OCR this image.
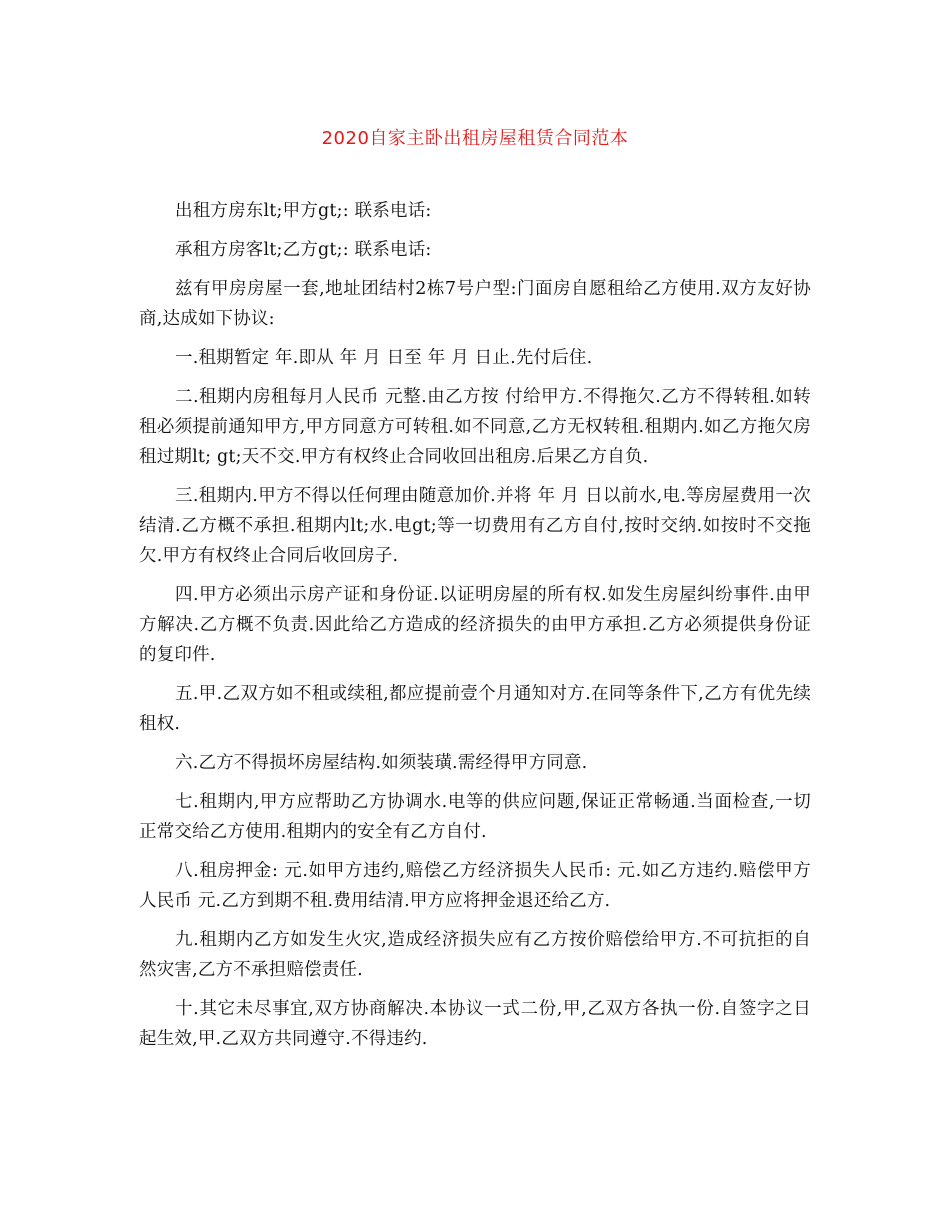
2020自家主卧出租房屋租赁合同范本

出租方房东lt;甲方gt;: 联系电话:

承租方房客lt;乙方gt;: 联系电话:

兹有甲房房屋一套,地址团结村2栋7号户型:门面房自愿租给乙方使用.双方友好协商,达成如下协议:

一.租期暂定 年.即从 年 月 日至 年 月 日止.先付后住.

二.租期内房租每月人民币 元整.由乙方按 付给甲方.不得拖欠.乙方不得转租.如转租必须提前通知甲方,甲方同意方可转租.如不同意,乙方无权转租.租期内.如乙方拖欠房租过期lt; gt;天不交.甲方有权终止合同收回出租房.后果乙方自负.

三.租期内.甲方不得以任何理由随意加价.并将 年 月 日以前水,电.等房屋费用一次结清.乙方概不承担.租期内lt;水.电gt;等一切费用有乙方自付,按时交纳.如按时不交拖欠.甲方有权终止合同后收回房子.

四.甲方必须出示房产证和身份证.以证明房屋的所有权.如发生房屋纠纷事件.由甲方解决.乙方概不负责.因此给乙方造成的经济损失的由甲方承担.乙方必须提供身份证的复印件.

五.甲.乙双方如不租或续租,都应提前壹个月通知对方.在同等条件下,乙方有优先续租权.

六.乙方不得损坏房屋结构.如须装璜.需经得甲方同意.

七.租期内,甲方应帮助乙方协调水.电等的供应问题,保证正常畅通.当面检查,一切正常交给乙方使用.租期内的安全有乙方自付.

八.租房押金: 元.如甲方违约,赔偿乙方经济损失人民币: 元.如乙方违约.赔偿甲方人民币 元.乙方到期不租.费用结清.甲方应将押金退还给乙方.

九.租期内乙方如发生火灾,造成经济损失应有乙方按价赔偿给甲方.不可抗拒的自然灾害,乙方不承担赔偿责任.

十.其它未尽事宜,双方协商解决.本协议一式二份,甲,乙双方各执一份.自签字之日起生效,甲.乙双方共同遵守.不得违约.
